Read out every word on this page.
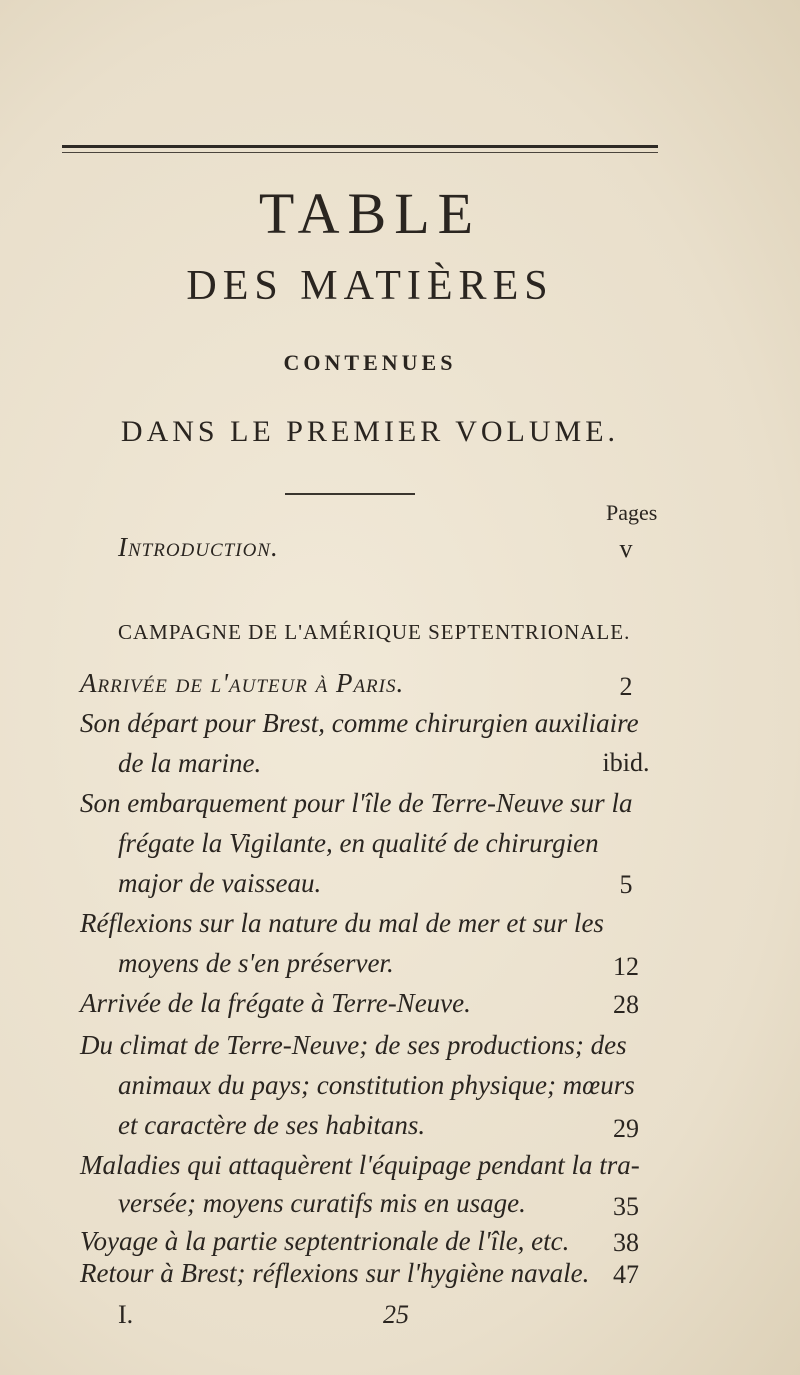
TABLE
DES MATIÈRES
CONTENUES
DANS LE PREMIER VOLUME.
Pages
Introduction.	v
CAMPAGNE DE L'AMÉRIQUE SEPTENTRIONALE.
Arrivée de l'auteur à Paris.	2
Son départ pour Brest, comme chirurgien auxiliaire
de la marine.	ibid.
Son embarquement pour l'île de Terre-Neuve sur la
frégate la Vigilante, en qualité de chirurgien
major de vaisseau.	5
Réflexions sur la nature du mal de mer et sur les
moyens de s'en préserver.	12
Arrivée de la frégate à Terre-Neuve.	28
Du climat de Terre-Neuve; de ses productions; des
animaux du pays; constitution physique; mœurs
et caractère de ses habitans.	29
Maladies qui attaquèrent l'équipage pendant la tra-
versée; moyens curatifs mis en usage.	35
Voyage à la partie septentrionale de l'île, etc.	38
Retour à Brest; réflexions sur l'hygiène navale. 47
I.	25
